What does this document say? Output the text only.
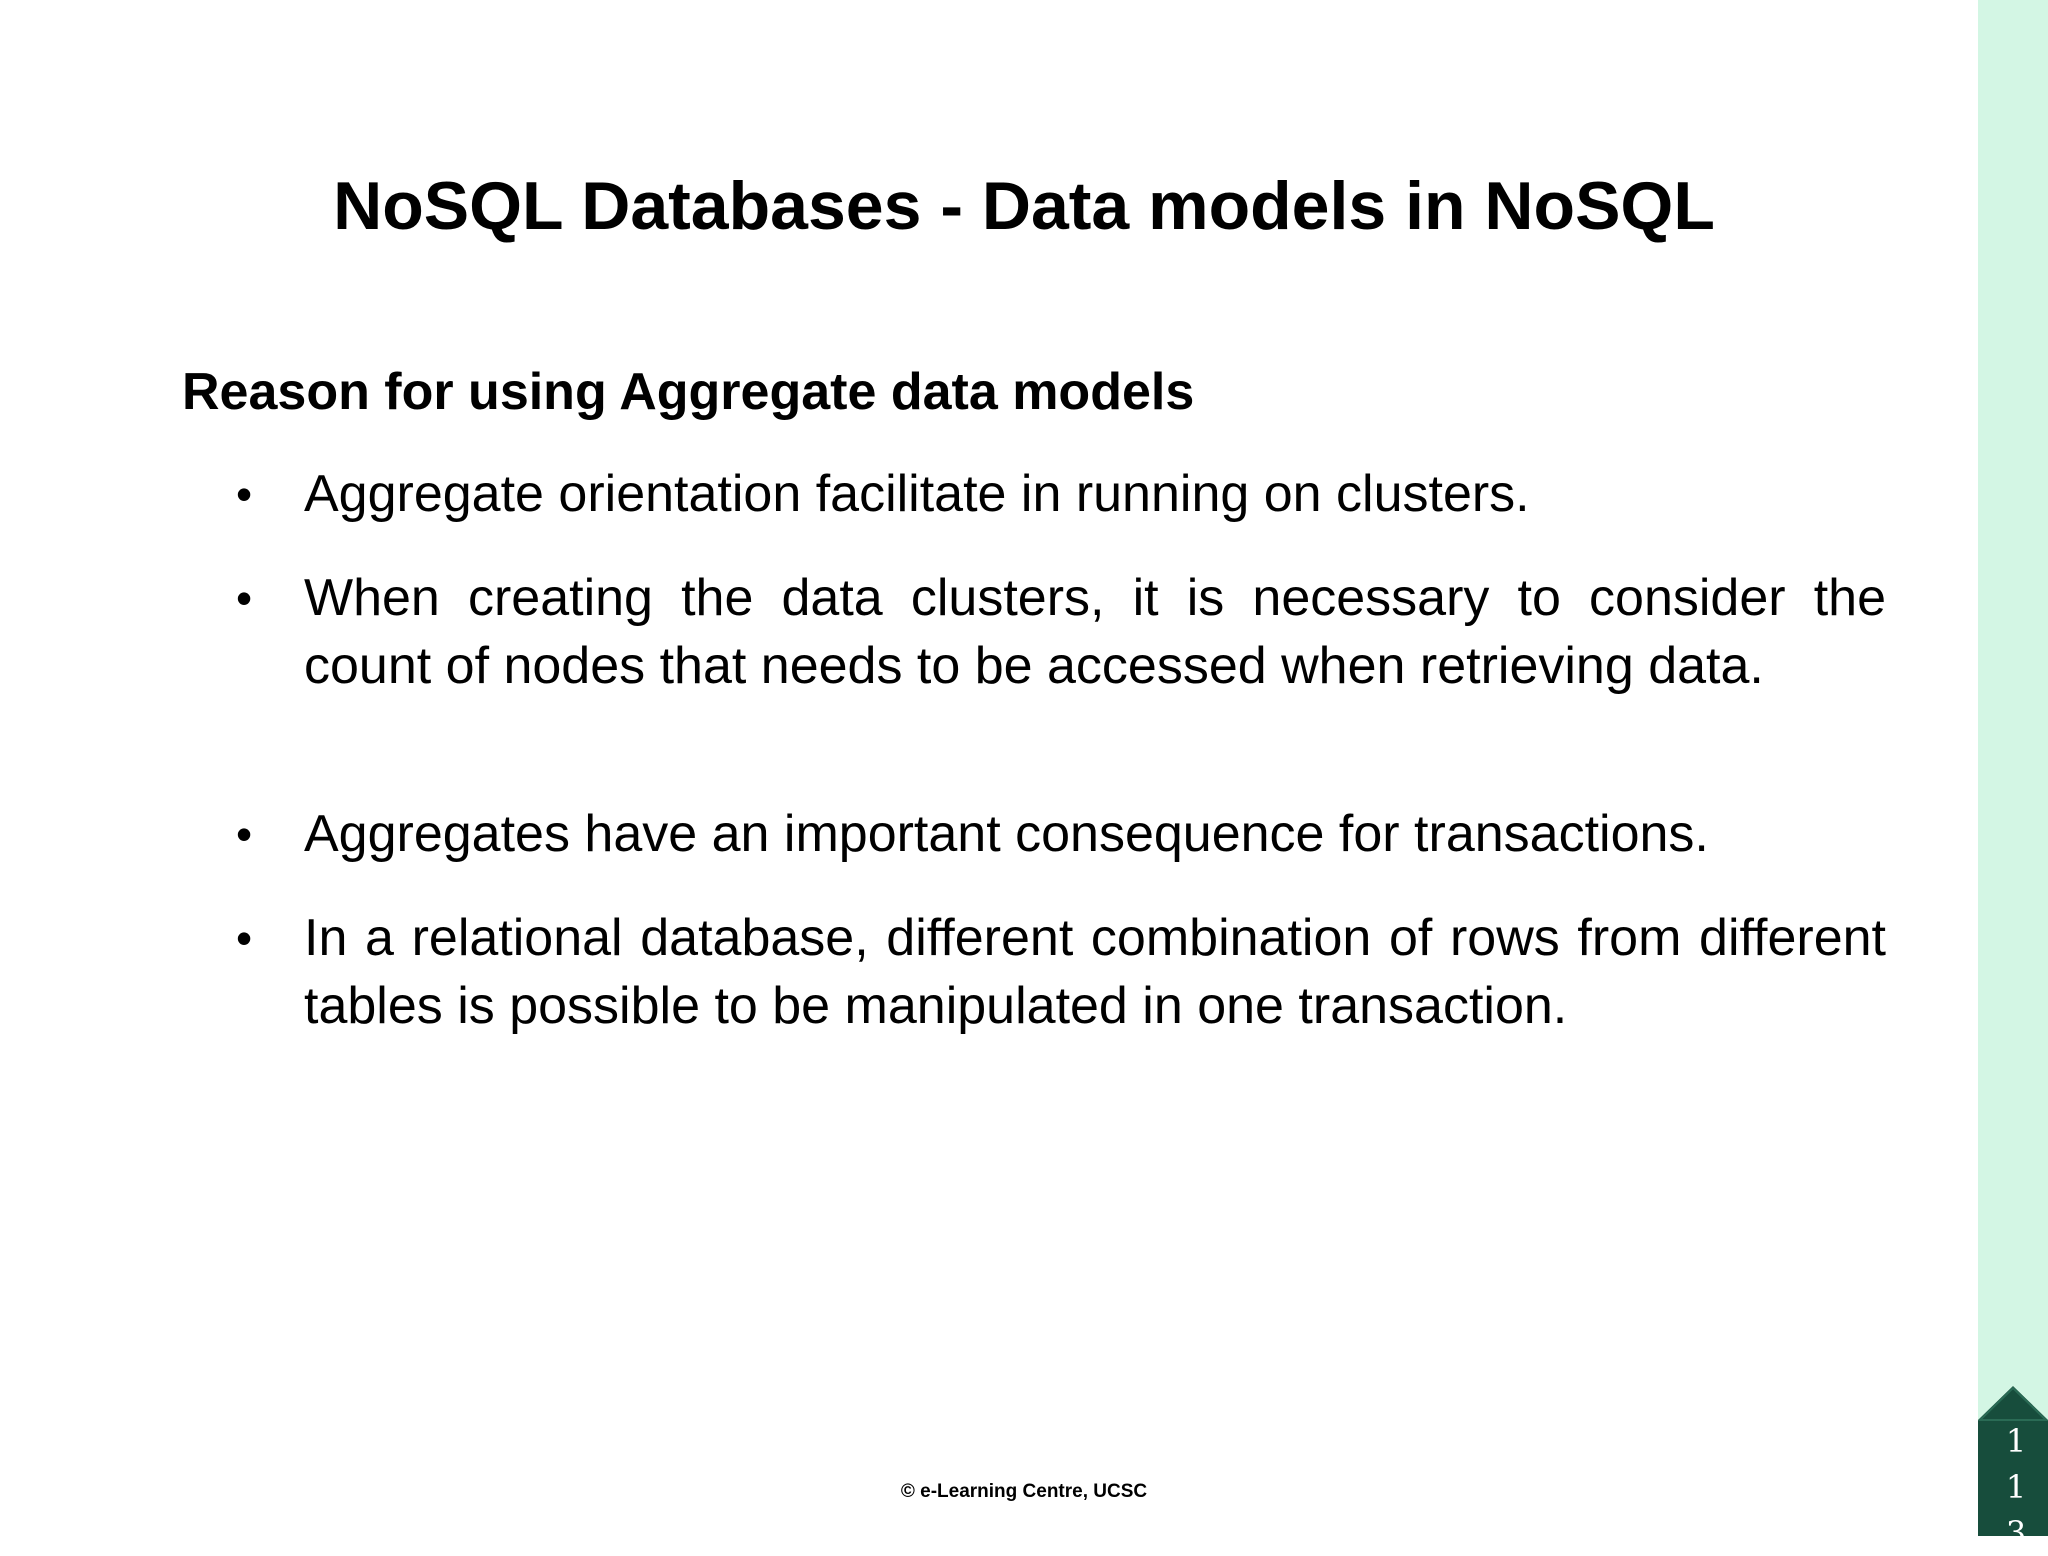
NoSQL Databases - Data models in NoSQL
Reason for using Aggregate data models
• Aggregate orientation facilitate in running on clusters.
• When creating the data clusters, it is necessary to consider the count of nodes that needs to be accessed when retrieving data.
• Aggregates have an important consequence for transactions.
• In a relational database, different combination of rows from different tables is possible to be manipulated in one transaction.
© e-Learning Centre, UCSC
113
